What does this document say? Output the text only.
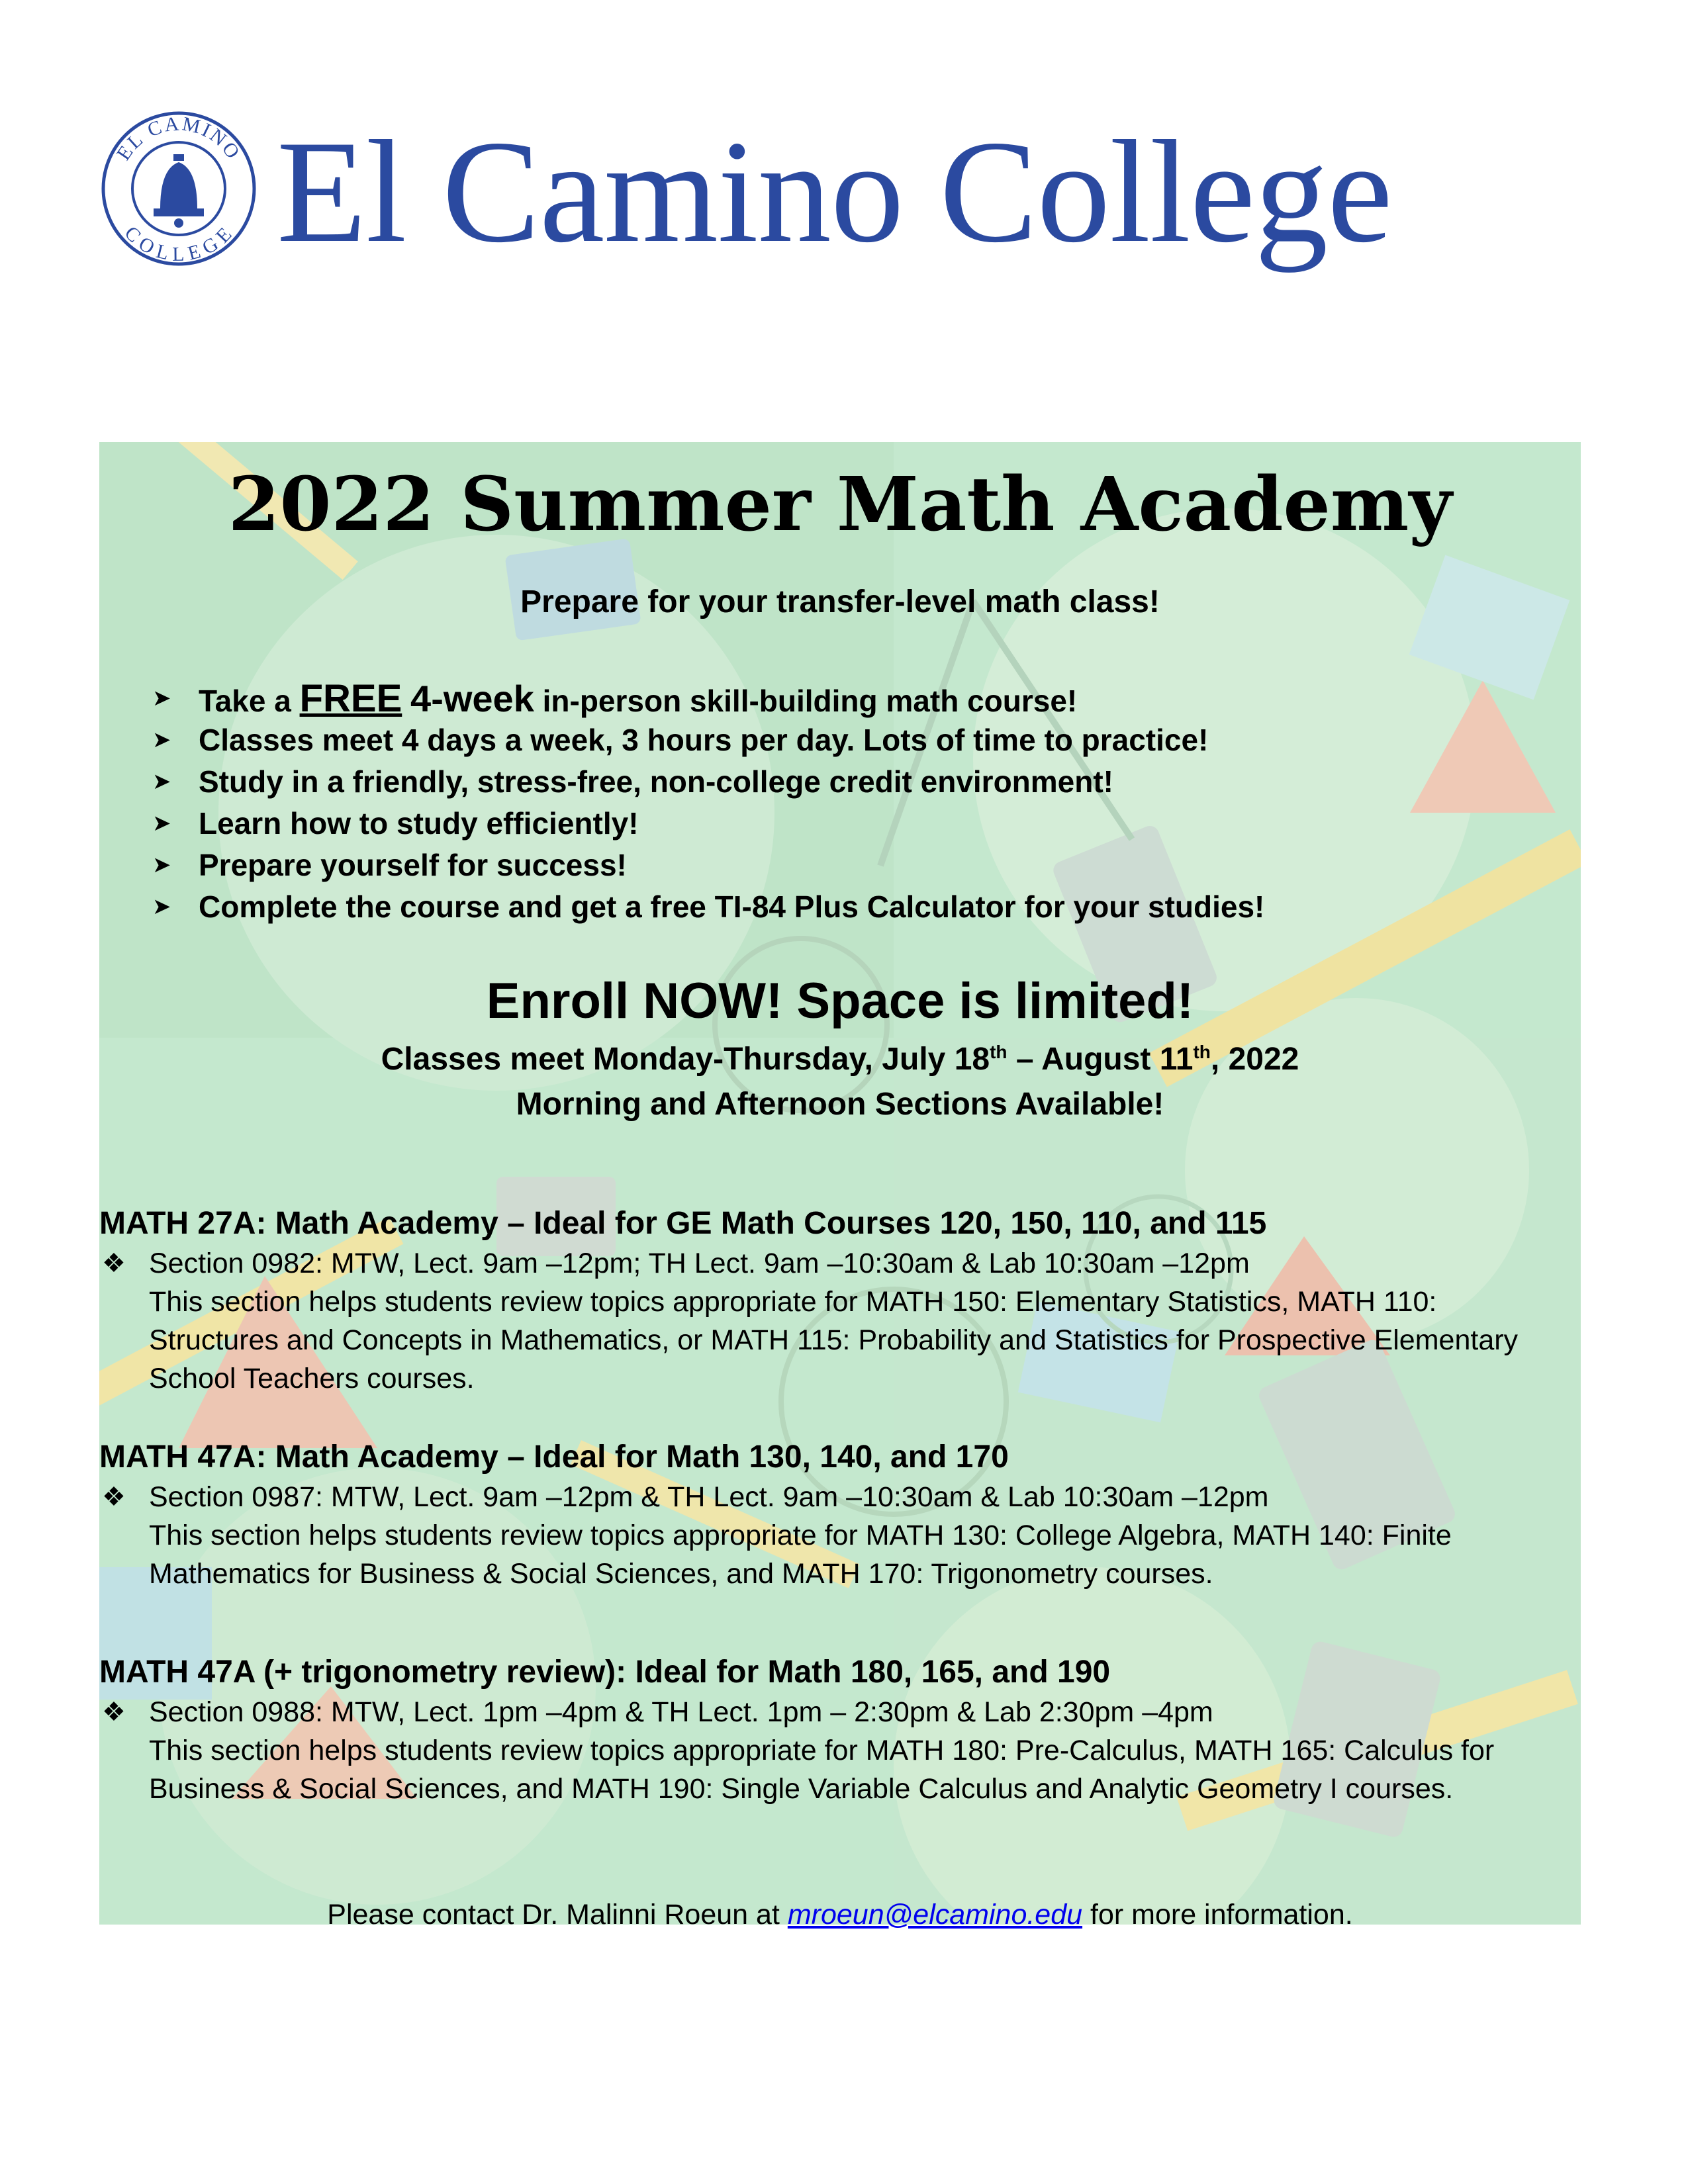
EL CAMINO
COLLEGE El Camino College
2022 Summer Math Academy
Prepare for your transfer-level math class!
➤ Take a FREE 4-week in-person skill-building math course!
➤ Classes meet 4 days a week, 3 hours per day. Lots of time to practice!
➤ Study in a friendly, stress-free, non-college credit environment!
➤ Learn how to study efficiently!
➤ Prepare yourself for success!
➤ Complete the course and get a free TI-84 Plus Calculator for your studies!
Enroll NOW! Space is limited!
Classes meet Monday-Thursday, July 18th – August 11th, 2022
Morning and Afternoon Sections Available!
MATH 27A: Math Academy – Ideal for GE Math Courses 120, 150, 110, and 115
❖ Section 0982: MTW, Lect. 9am –12pm; TH Lect. 9am –10:30am & Lab 10:30am –12pm
This section helps students review topics appropriate for MATH 150: Elementary Statistics, MATH 110: Structures and Concepts in Mathematics, or MATH 115: Probability and Statistics for Prospective Elementary School Teachers courses.
MATH 47A: Math Academy – Ideal for Math 130, 140, and 170
❖ Section 0987: MTW, Lect. 9am –12pm & TH Lect. 9am –10:30am & Lab 10:30am –12pm
This section helps students review topics appropriate for MATH 130: College Algebra, MATH 140: Finite Mathematics for Business & Social Sciences, and MATH 170: Trigonometry courses.
MATH 47A (+ trigonometry review): Ideal for Math 180, 165, and 190
❖ Section 0988: MTW, Lect. 1pm –4pm & TH Lect. 1pm – 2:30pm & Lab 2:30pm –4pm
This section helps students review topics appropriate for MATH 180: Pre-Calculus, MATH 165: Calculus for Business & Social Sciences, and MATH 190: Single Variable Calculus and Analytic Geometry I courses.
Please contact Dr. Malinni Roeun at mroeun@elcamino.edu for more information.
